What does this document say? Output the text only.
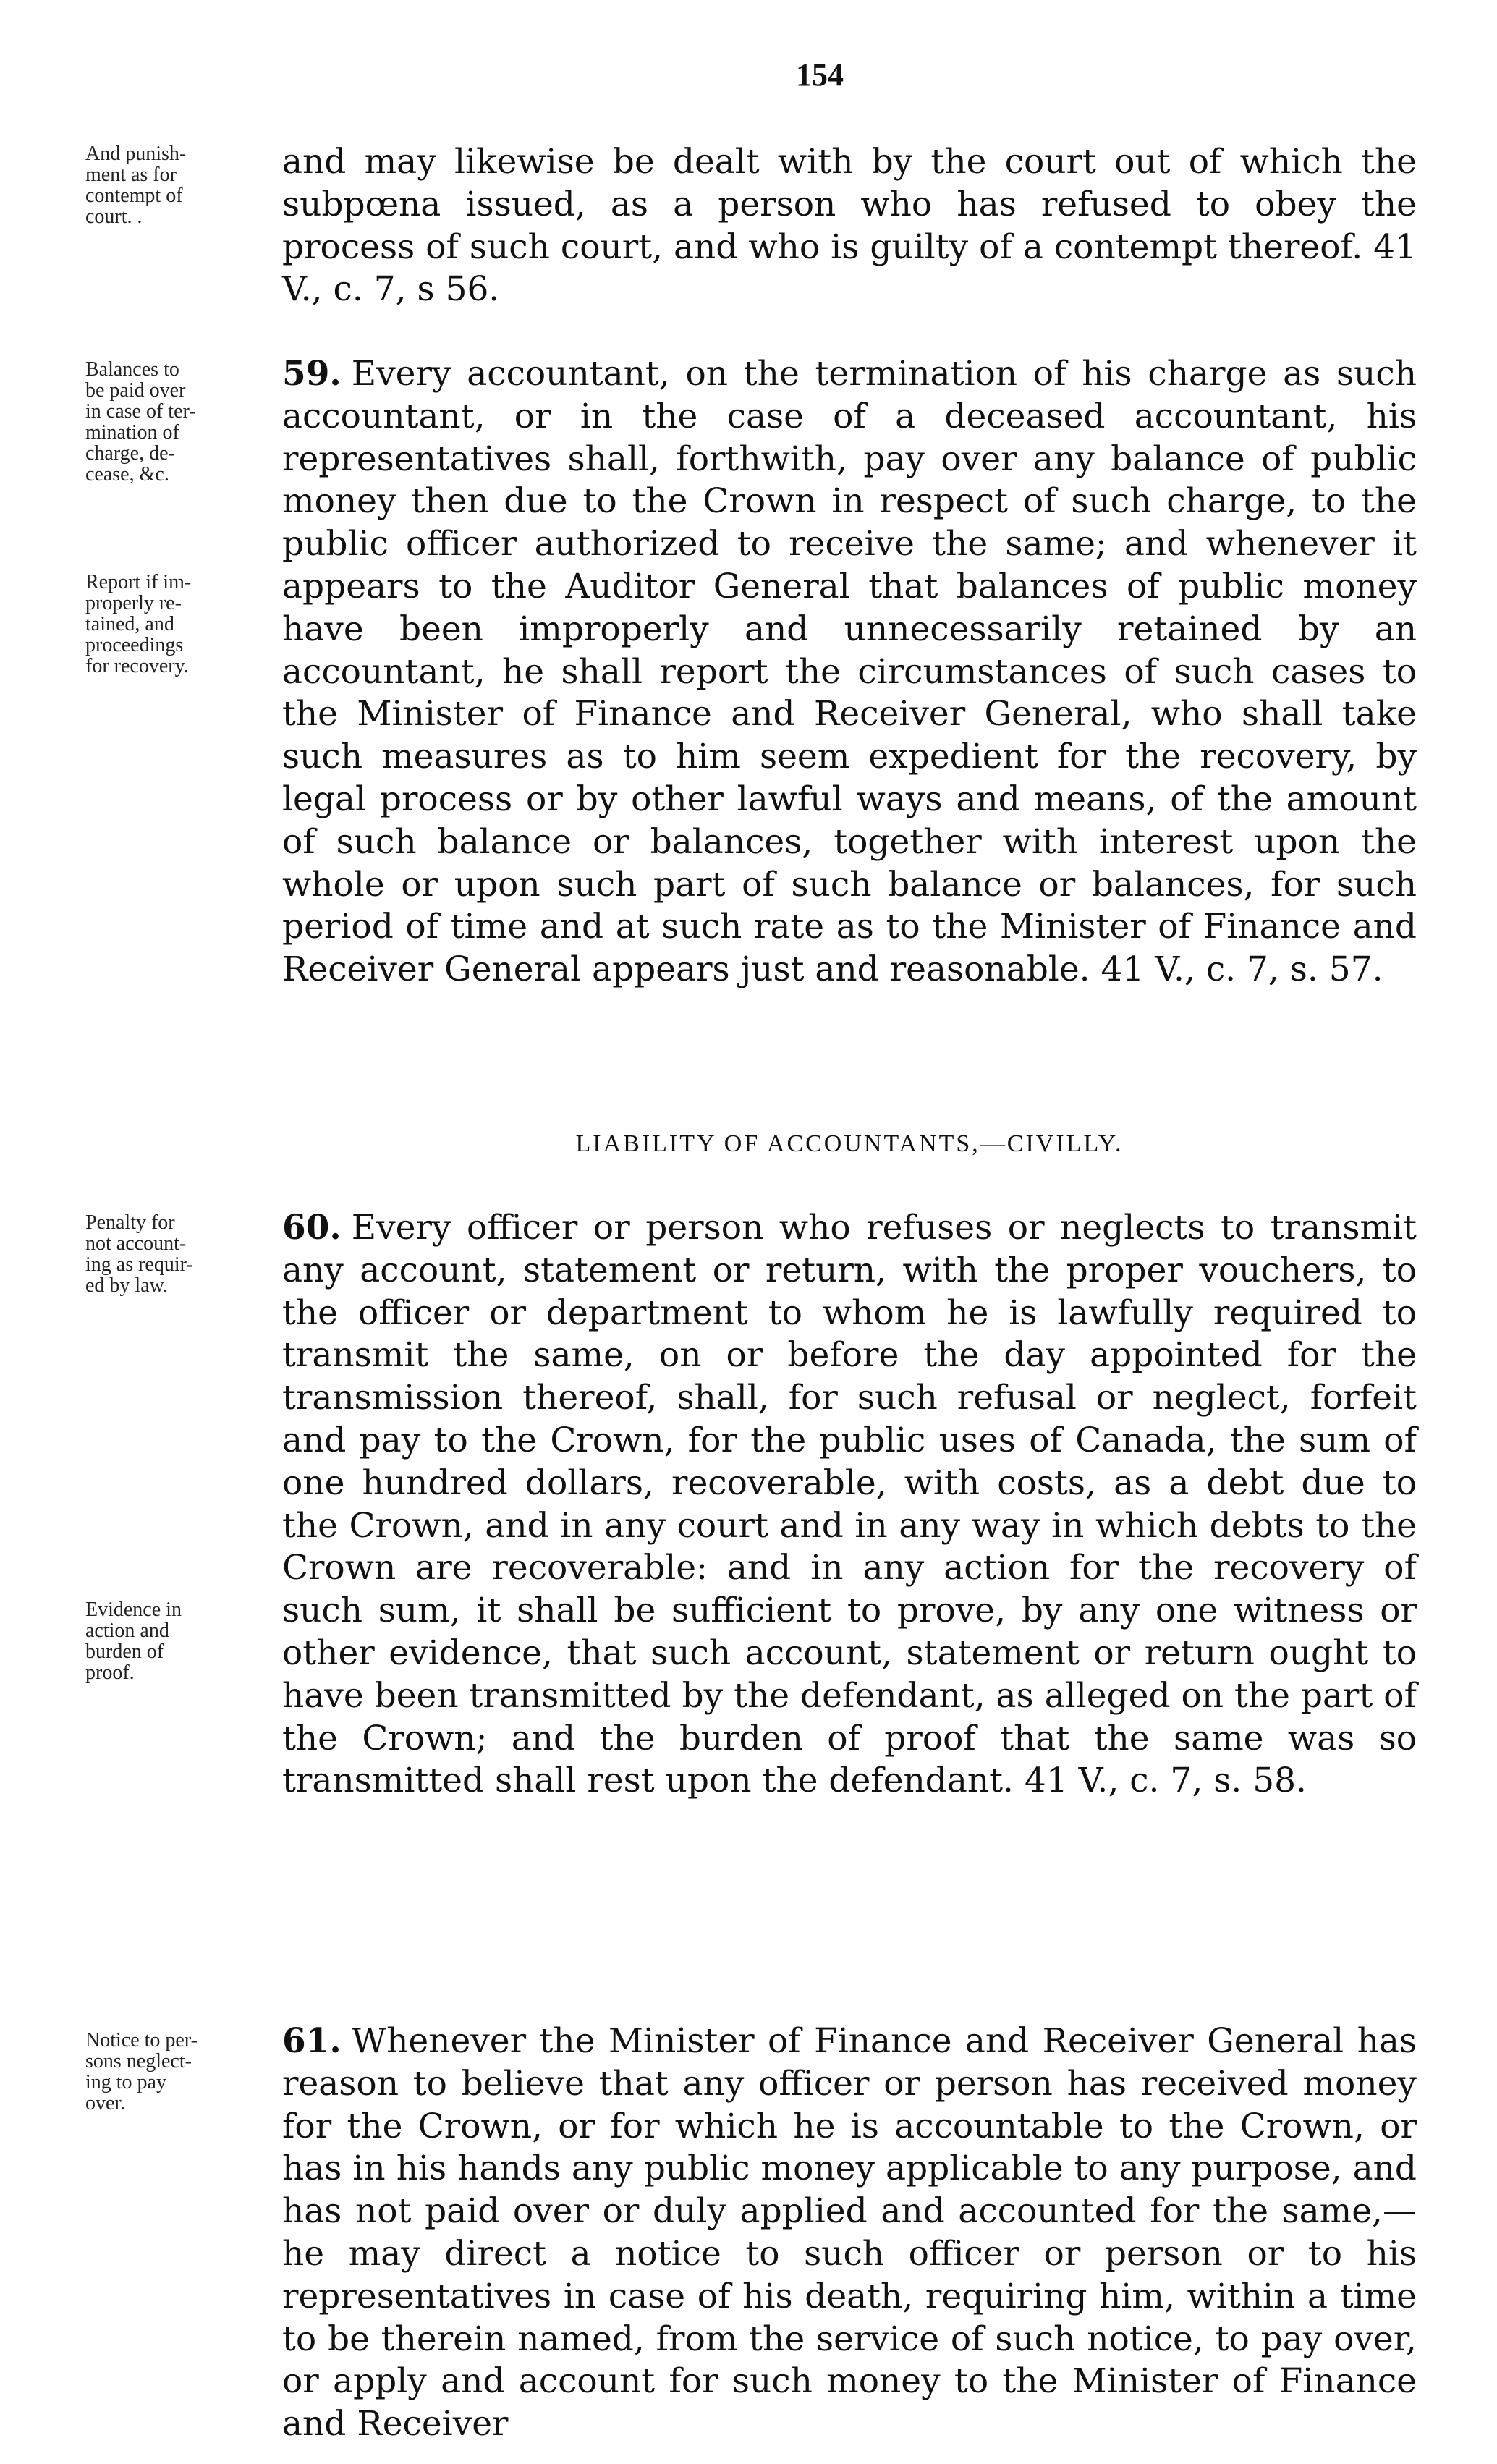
154
And punish-
ment as for
contempt of
court. .
Balances to
be paid over
in case of ter-
mination of
charge, de-
cease, &c.
Report if im-
properly re-
tained, and
proceedings
for recovery.
Penalty for
not account-
ing as requir-
ed by law.
Evidence in
action and
burden of
proof.
Notice to per-
sons neglect-
ing to pay
over.

and may likewise be dealt with by the court out of which the subpœna issued, as a person who has refused to obey the process of such court, and who is guilty of a contempt thereof. 41 V., c. 7, s 56.

59. Every accountant, on the termination of his charge as such accountant, or in the case of a deceased accountant, his representatives shall, forthwith, pay over any balance of public money then due to the Crown in respect of such charge, to the public officer authorized to receive the same; and whenever it appears to the Auditor General that balances of public money have been improperly and unnecessarily retained by an accountant, he shall report the circumstances of such cases to the Minister of Finance and Receiver General, who shall take such measures as to him seem expedient for the recovery, by legal process or by other lawful ways and means, of the amount of such balance or balances, together with interest upon the whole or upon such part of such balance or balances, for such period of time and at such rate as to the Minister of Finance and Receiver General appears just and reasonable. 41 V., c. 7, s. 57.

LIABILITY OF ACCOUNTANTS,—CIVILLY.

60. Every officer or person who refuses or neglects to transmit any account, statement or return, with the proper vouchers, to the officer or department to whom he is lawfully required to transmit the same, on or before the day appointed for the transmission thereof, shall, for such refusal or neglect, forfeit and pay to the Crown, for the public uses of Canada, the sum of one hundred dollars, recoverable, with costs, as a debt due to the Crown, and in any court and in any way in which debts to the Crown are recoverable: and in any action for the recovery of such sum, it shall be sufficient to prove, by any one witness or other evidence, that such account, statement or return ought to have been transmitted by the defendant, as alleged on the part of the Crown; and the burden of proof that the same was so transmitted shall rest upon the defendant. 41 V., c. 7, s. 58.

61. Whenever the Minister of Finance and Receiver General has reason to believe that any officer or person has received money for the Crown, or for which he is accountable to the Crown, or has in his hands any public money applicable to any purpose, and has not paid over or duly applied and accounted for the same,—he may direct a notice to such officer or person or to his representatives in case of his death, requiring him, within a time to be therein named, from the service of such notice, to pay over, or apply and account for such money to the Minister of Finance and Receiver
